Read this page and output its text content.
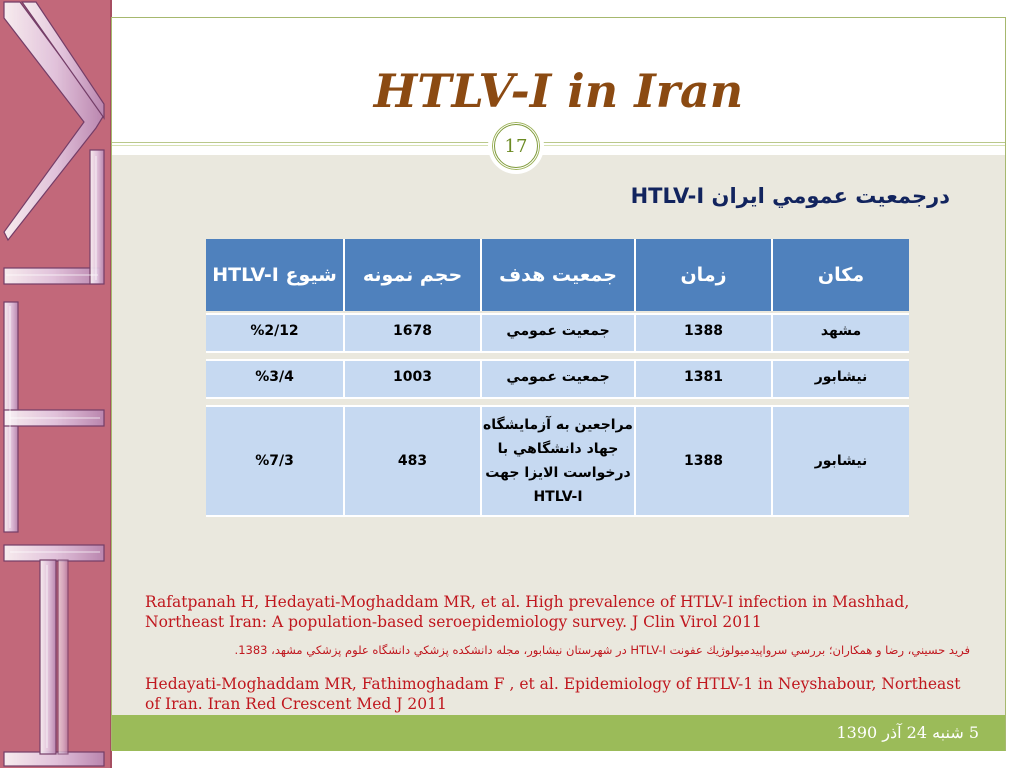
HTLV-I in Iran
17
HTLV-I درجمعيت عمومي ايران
مكان
زمان
جمعيت هدف
حجم نمونه
شيوع HTLV-I
مشهد
1388
جمعيت عمومي
1678
%2/12
نيشابور
1381
جمعيت عمومي
1003
%3/4
نيشابور
1388
مراجعين به آزمايشگاه جهاد دانشگاهي با درخواست الايزا جهت HTLV-I
483
%7/3
Rafatpanah H, Hedayati-Moghaddam MR, et al. High prevalence of HTLV-I infection in Mashhad, Northeast Iran: A population-based seroepidemiology survey. J Clin Virol 2011
فريد حسيني، رضا و همكاران؛ بررسي سرواپيدميولوژيك عفونت HTLV-I در شهرستان نيشابور، مجله دانشكده پزشكي دانشگاه علوم پزشكي مشهد، 1383.
Hedayati-Moghaddam MR, Fathimoghadam F , et al. Epidemiology of HTLV-1 in Neyshabour, Northeast of Iran. Iran Red Crescent Med J 2011
5 شنبه 24 آذر 1390
